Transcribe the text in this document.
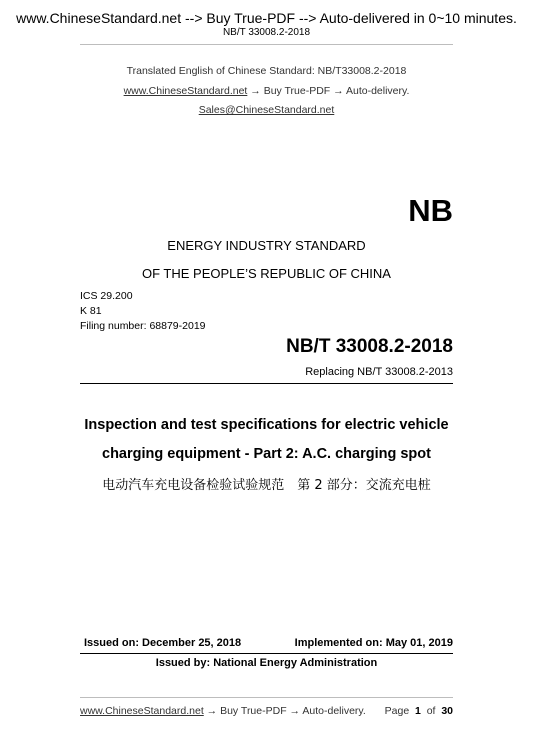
www.ChineseStandard.net --> Buy True-PDF --> Auto-delivered in 0~10 minutes.
NB/T 33008.2-2018
Translated English of Chinese Standard: NB/T33008.2-2018
www.ChineseStandard.net → Buy True-PDF → Auto-delivery.
Sales@ChineseStandard.net
NB
ENERGY INDUSTRY STANDARD
OF THE PEOPLE’S REPUBLIC OF CHINA
ICS 29.200
K 81
Filing number: 68879-2019
NB/T 33008.2-2018
Replacing NB/T 33008.2-2013
Inspection and test specifications for electric vehicle
charging equipment - Part 2: A.C. charging spot
电动汽车充电设备检验试验规范　第 2 部分：交流充电桩
Issued on: December 25, 2018	Implemented on: May 01, 2019
Issued by: National Energy Administration
www.ChineseStandard.net → Buy True-PDF → Auto-delivery. Page 1 of 30
